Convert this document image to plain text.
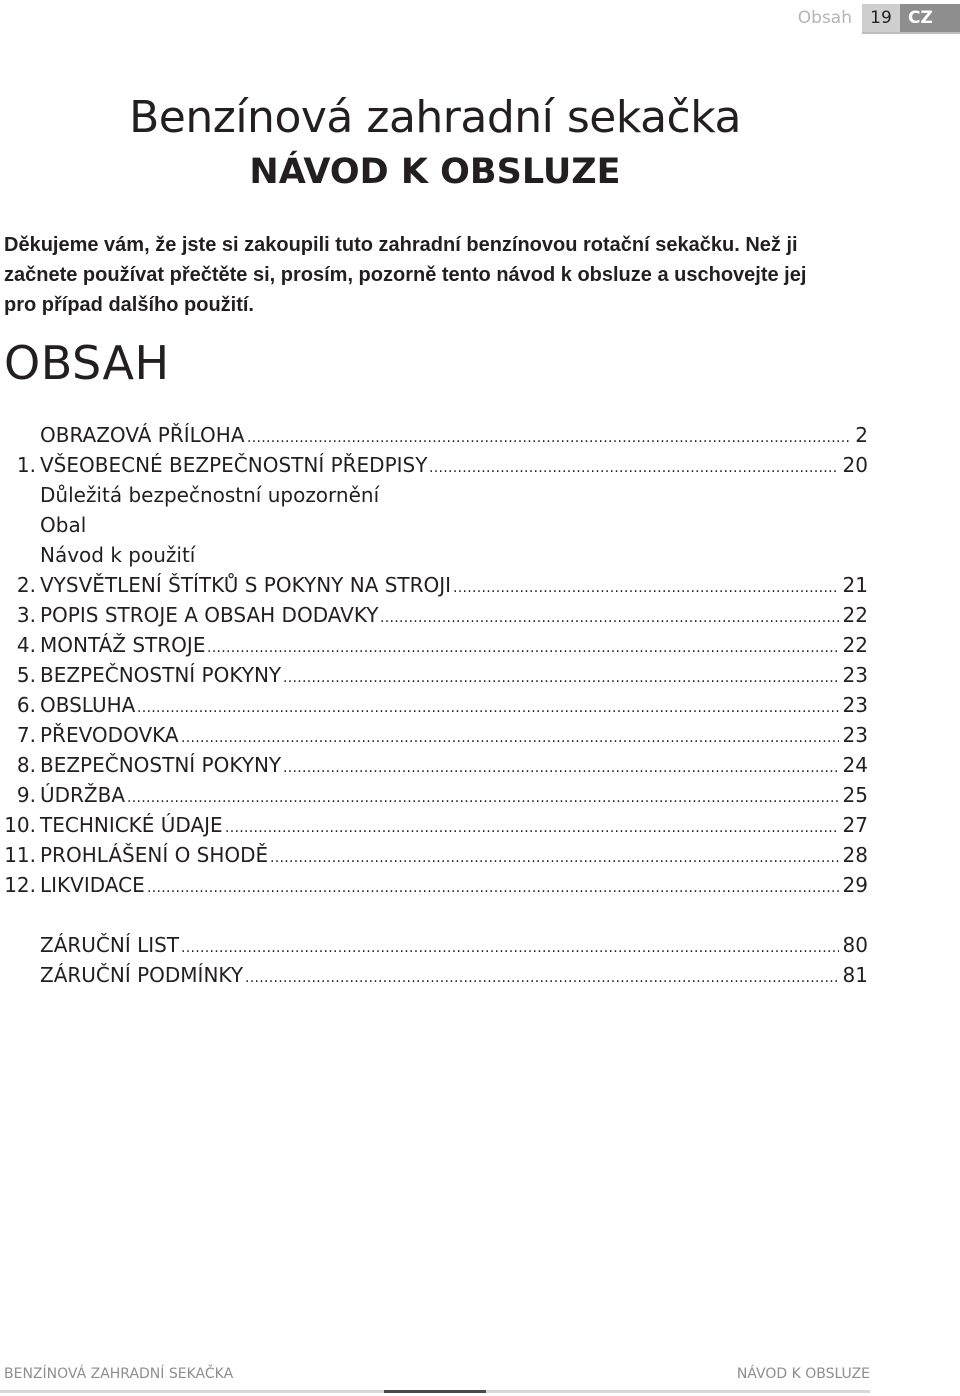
Obsah	19 CZ
Benzínová zahradní sekačka
NÁVOD K OBSLUZE
Děkujeme vám, že jste si zakoupili tuto zahradní benzínovou rotační sekačku. Než ji
začnete používat přečtěte si, prosím, pozorně tento návod k obsluze a uschovejte jej
pro případ dalšího použití.
OBSAH
OBRAZOVÁ PŘÍLOHA .....	2
1. VŠEOBECNÉ BEZPEČNOSTNÍ PŘEDPISY .....	20
Důležitá bezpečnostní upozornění
Obal
Návod k použití
2. VYSVĚTLENÍ ŠTÍTKŮ S POKYNY NA STROJI .....	21
3. POPIS STROJE A OBSAH DODAVKY .....	22
4. MONTÁŽ STROJE .....	22
5. BEZPEČNOSTNÍ POKYNY .....	23
6. OBSLUHA .....	23
7. PŘEVODOVKA .....	23
8. BEZPEČNOSTNÍ POKYNY .....	24
9. ÚDRŽBA .....	25
10. TECHNICKÉ ÚDAJE .....	27
11. PROHLÁŠENÍ O SHODĚ .....	28
12. LIKVIDACE .....	29
ZÁRUČNÍ LIST .....	80
ZÁRUČNÍ PODMÍNKY .....	81
BENZÍNOVÁ ZAHRADNÍ SEKAČKA	NÁVOD K OBSLUZE
